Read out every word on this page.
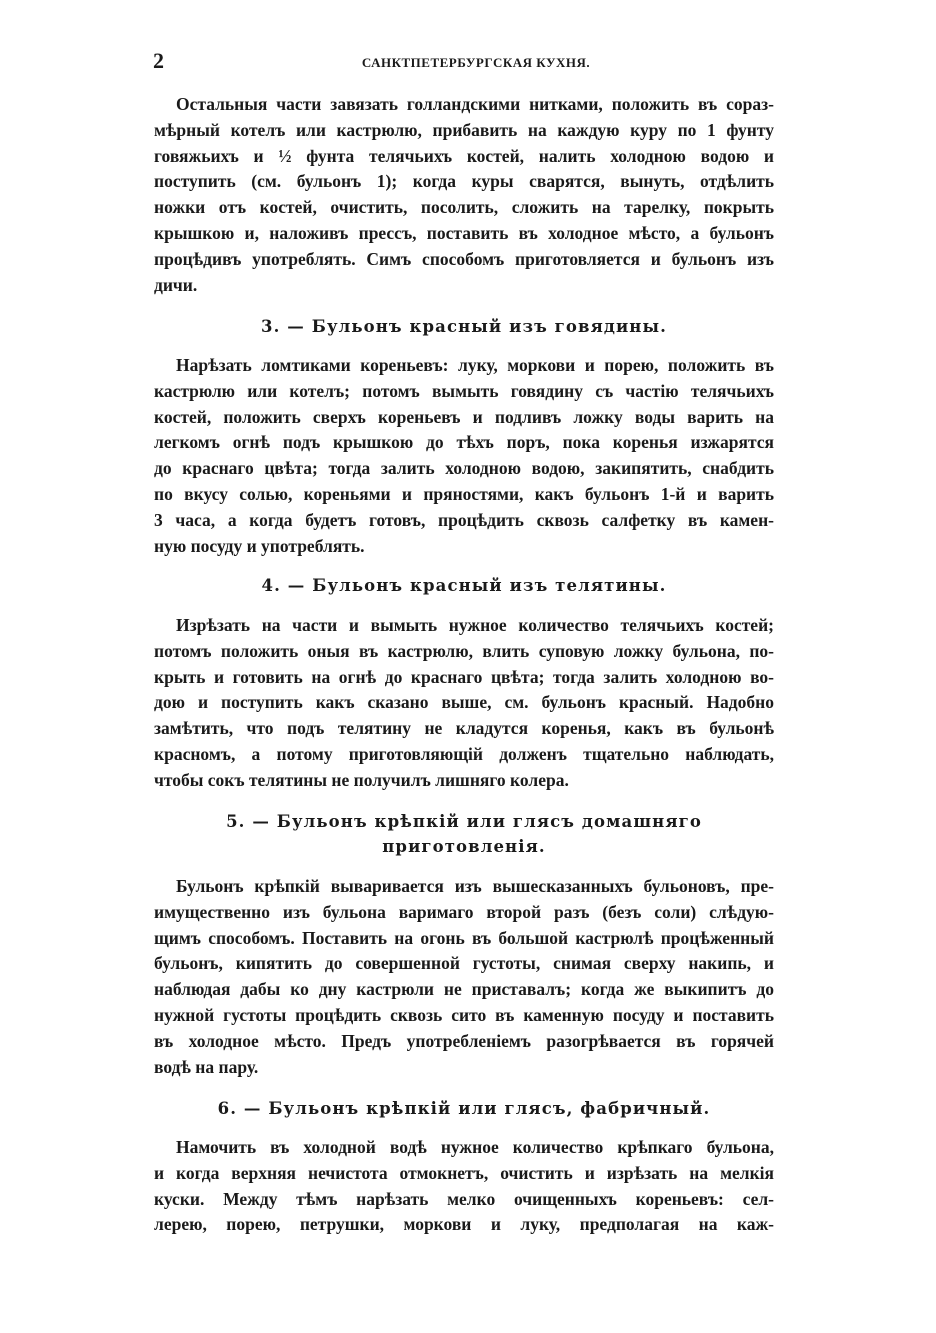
2	САНКТПЕТЕРБУРГСКАЯ КУХНЯ.
Остальныя части завязать голландскими нитками, положить въ сораз-
мѣрный котелъ или кастрюлю, прибавить на каждую куру по 1 фунту
говяжьихъ и ½ фунта телячьихъ костей, налить холодною водою и
поступить (см. бульонъ 1); когда куры сварятся, вынуть, отдѣлить
ножки отъ костей, очистить, посолить, сложить на тарелку, покрыть
крышкою и, наложивъ прессъ, поставить въ холодное мѣсто, а бульонъ
процѣдивъ употреблять. Симъ способомъ приготовляется и бульонъ изъ
дичи.
3. — Бульонъ красный изъ говядины.
Нарѣзать ломтиками кореньевъ: луку, моркови и порею, положить въ
кастрюлю или котелъ; потомъ вымыть говядину съ частію телячьихъ
костей, положить сверхъ кореньевъ и подливъ ложку воды варить на
легкомъ огнѣ подъ крышкою до тѣхъ поръ, пока коренья изжарятся
до краснаго цвѣта; тогда залить холодною водою, закипятить, снабдить
по вкусу солью, кореньями и пряностями, какъ бульонъ 1-й и варить
3 часа, а когда будетъ готовъ, процѣдить сквозь салфетку въ камен-
ную посуду и употреблять.
4. — Бульонъ красный изъ телятины.
Изрѣзать на части и вымыть нужное количество телячьихъ костей;
потомъ положить оныя въ кастрюлю, влить суповую ложку бульона, по-
крыть и готовить на огнѣ до краснаго цвѣта; тогда залить холодною во-
дою и поступить какъ сказано выше, см. бульонъ красный. Надобно
замѣтить, что подъ телятину не кладутся коренья, какъ въ бульонѣ
красномъ, а потому приготовляющій долженъ тщательно наблюдать,
чтобы сокъ телятины не получилъ лишняго колера.
5. — Бульонъ крѣпкій или глясъ домашняго
приготовленія.
Бульонъ крѣпкій вываривается изъ вышесказанныхъ бульоновъ, пре-
имущественно изъ бульона варимаго второй разъ (безъ соли) слѣдую-
щимъ способомъ. Поставить на огонь въ большой кастрюлѣ процѣженный
бульонъ, кипятить до совершенной густоты, снимая сверху накипь, и
наблюдая дабы ко дну кастрюли не приставалъ; когда же выкипитъ до
нужной густоты процѣдить сквозь сито въ каменную посуду и поставить
въ холодное мѣсто. Предъ употребленіемъ разогрѣвается въ горячей
водѣ на пару.
6. — Бульонъ крѣпкій или глясъ, фабричный.
Намочить въ холодной водѣ нужное количество крѣпкаго бульона,
и когда верхняя нечистота отмокнетъ, очистить и изрѣзать на мелкія
куски. Между тѣмъ нарѣзать мелко очищенныхъ кореньевъ: сел-
лерею, порею, петрушки, моркови и луку, предполагая на каж-
